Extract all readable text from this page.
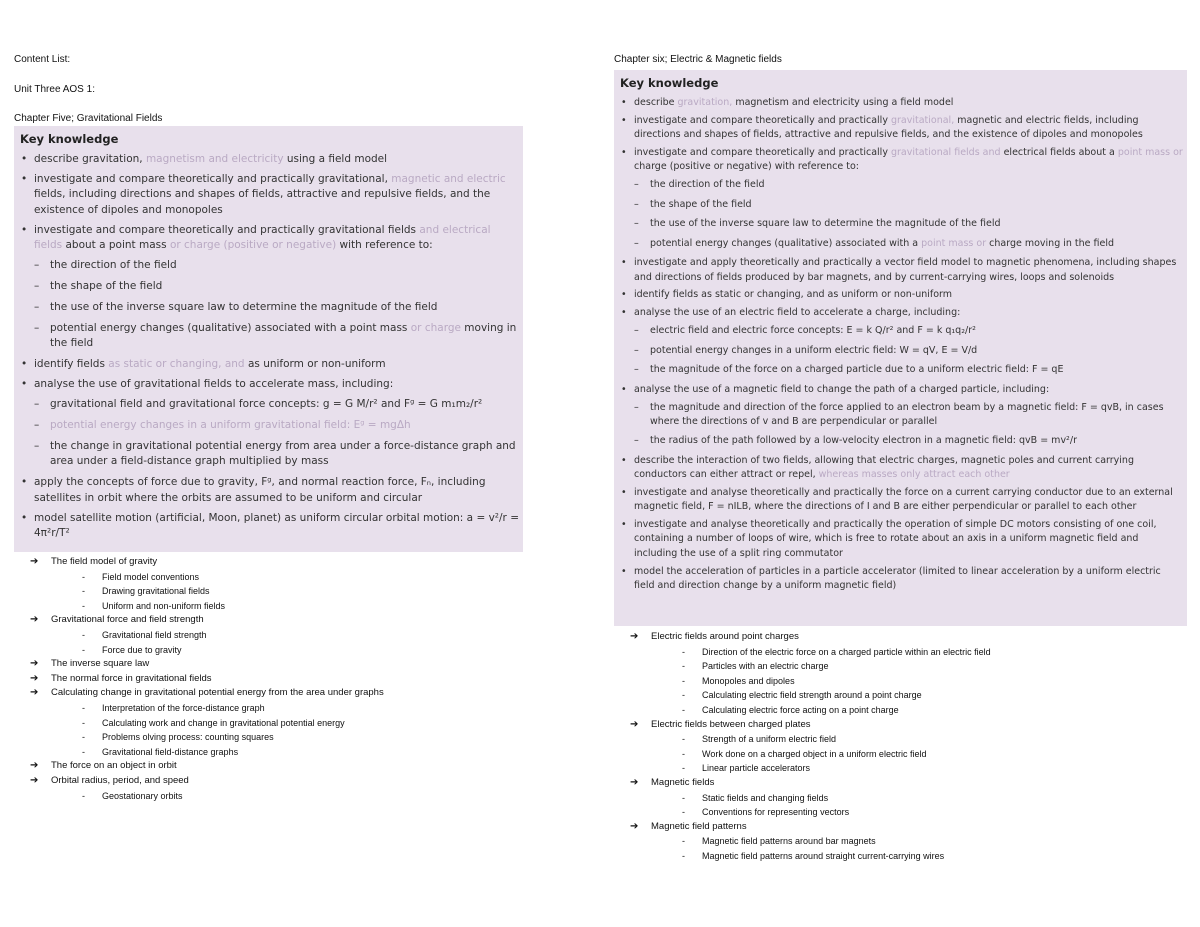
Content List:
Unit Three AOS 1:
Chapter Five; Gravitational Fields
Key knowledge
• describe gravitation, magnetism and electricity using a field model
• investigate and compare theoretically and practically gravitational, magnetic and electric fields, including directions and shapes of fields, attractive and repulsive fields, and the existence of dipoles and monopoles
• investigate and compare theoretically and practically gravitational fields and electrical fields about a point mass or charge (positive or negative) with reference to:
– the direction of the field
– the shape of the field
– the use of the inverse square law to determine the magnitude of the field
– potential energy changes (qualitative) associated with a point mass or charge moving in the field
• identify fields as static or changing, and as uniform or non-uniform
• analyse the use of gravitational fields to accelerate mass, including:
– gravitational field and gravitational force concepts: g = G M/r² and Fᵍ = G m₁m₂/r²
– potential energy changes in a uniform gravitational field: Eᵍ = mgΔh
– the change in gravitational potential energy from area under a force-distance graph and area under a field-distance graph multiplied by mass
• apply the concepts of force due to gravity, Fᵍ, and normal reaction force, Fₙ, including satellites in orbit where the orbits are assumed to be uniform and circular
• model satellite motion (artificial, Moon, planet) as uniform circular orbital motion: a = v²/r = 4π²r/T²
➔ The field model of gravity
- Field model conventions
- Drawing gravitational fields
- Uniform and non-uniform fields
➔ Gravitational force and field strength
- Gravitational field strength
- Force due to gravity
➔ The inverse square law
➔ The normal force in gravitational fields
➔ Calculating change in gravitational potential energy from the area under graphs
- Interpretation of the force-distance graph
- Calculating work and change in gravitational potential energy
- Problems olving process: counting squares
- Gravitational field-distance graphs
➔ The force on an object in orbit
➔ Orbital radius, period, and speed
- Geostationary orbits
Chapter six; Electric & Magnetic fields
Key knowledge
• describe gravitation, magnetism and electricity using a field model
• investigate and compare theoretically and practically gravitational, magnetic and electric fields, including directions and shapes of fields, attractive and repulsive fields, and the existence of dipoles and monopoles
• investigate and compare theoretically and practically gravitational fields and electrical fields about a point mass or charge (positive or negative) with reference to:
– the direction of the field
– the shape of the field
– the use of the inverse square law to determine the magnitude of the field
– potential energy changes (qualitative) associated with a point mass or charge moving in the field
• investigate and apply theoretically and practically a vector field model to magnetic phenomena, including shapes and directions of fields produced by bar magnets, and by current-carrying wires, loops and solenoids
• identify fields as static or changing, and as uniform or non-uniform
• analyse the use of an electric field to accelerate a charge, including:
– electric field and electric force concepts: E = k Q/r² and F = k q₁q₂/r²
– potential energy changes in a uniform electric field: W = qV, E = V/d
– the magnitude of the force on a charged particle due to a uniform electric field: F = qE
• analyse the use of a magnetic field to change the path of a charged particle, including:
– the magnitude and direction of the force applied to an electron beam by a magnetic field: F = qvB, in cases where the directions of v and B are perpendicular or parallel
– the radius of the path followed by a low-velocity electron in a magnetic field: qvB = mv²/r
• describe the interaction of two fields, allowing that electric charges, magnetic poles and current carrying conductors can either attract or repel, whereas masses only attract each other
• investigate and analyse theoretically and practically the force on a current carrying conductor due to an external magnetic field, F = nILB, where the directions of I and B are either perpendicular or parallel to each other
• investigate and analyse theoretically and practically the operation of simple DC motors consisting of one coil, containing a number of loops of wire, which is free to rotate about an axis in a uniform magnetic field and including the use of a split ring commutator
• model the acceleration of particles in a particle accelerator (limited to linear acceleration by a uniform electric field and direction change by a uniform magnetic field)
➔ Electric fields around point charges
- Direction of the electric force on a charged particle within an electric field
- Particles with an electric charge
- Monopoles and dipoles
- Calculating electric field strength around a point charge
- Calculating electric force acting on a point charge
➔ Electric fields between charged plates
- Strength of a uniform electric field
- Work done on a charged object in a uniform electric field
- Linear particle accelerators
➔ Magnetic fields
- Static fields and changing fields
- Conventions for representing vectors
➔ Magnetic field patterns
- Magnetic field patterns around bar magnets
- Magnetic field patterns around straight current-carrying wires
